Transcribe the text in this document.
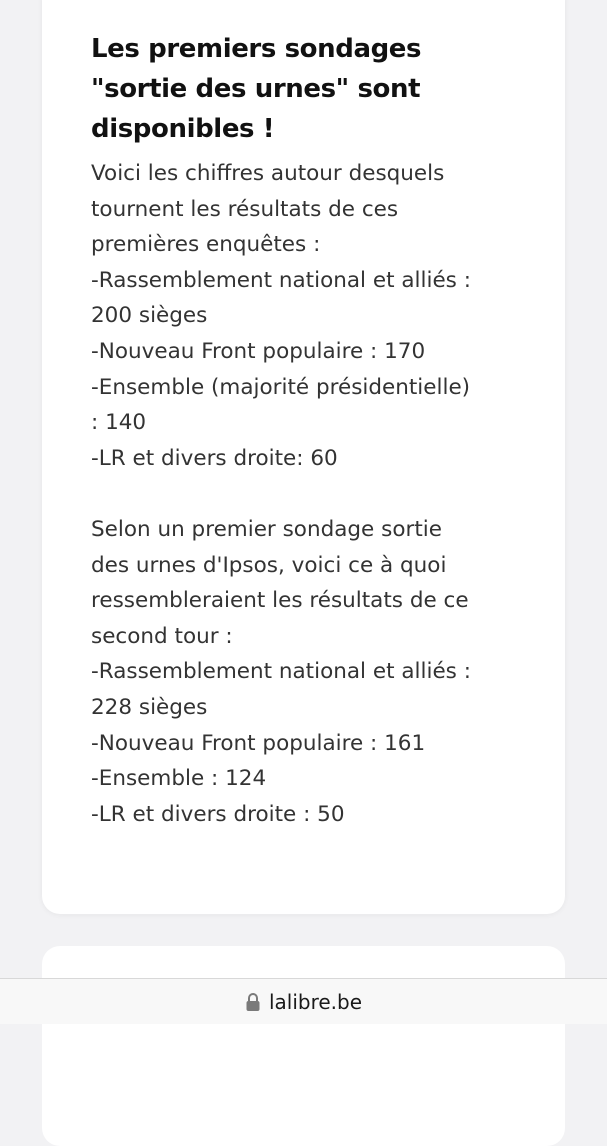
Les premiers sondages "sortie des urnes" sont disponibles !
Voici les chiffres autour desquels
tournent les résultats de ces
premières enquêtes :
-Rassemblement national et alliés :
200 sièges
-Nouveau Front populaire : 170
-Ensemble (majorité présidentielle)
: 140
-LR et divers droite: 60
Selon un premier sondage sortie
des urnes d'Ipsos, voici ce à quoi
ressembleraient les résultats de ce
second tour :
-Rassemblement national et alliés :
228 sièges
-Nouveau Front populaire : 161
-Ensemble : 124
-LR et divers droite : 50
lalibre.be
